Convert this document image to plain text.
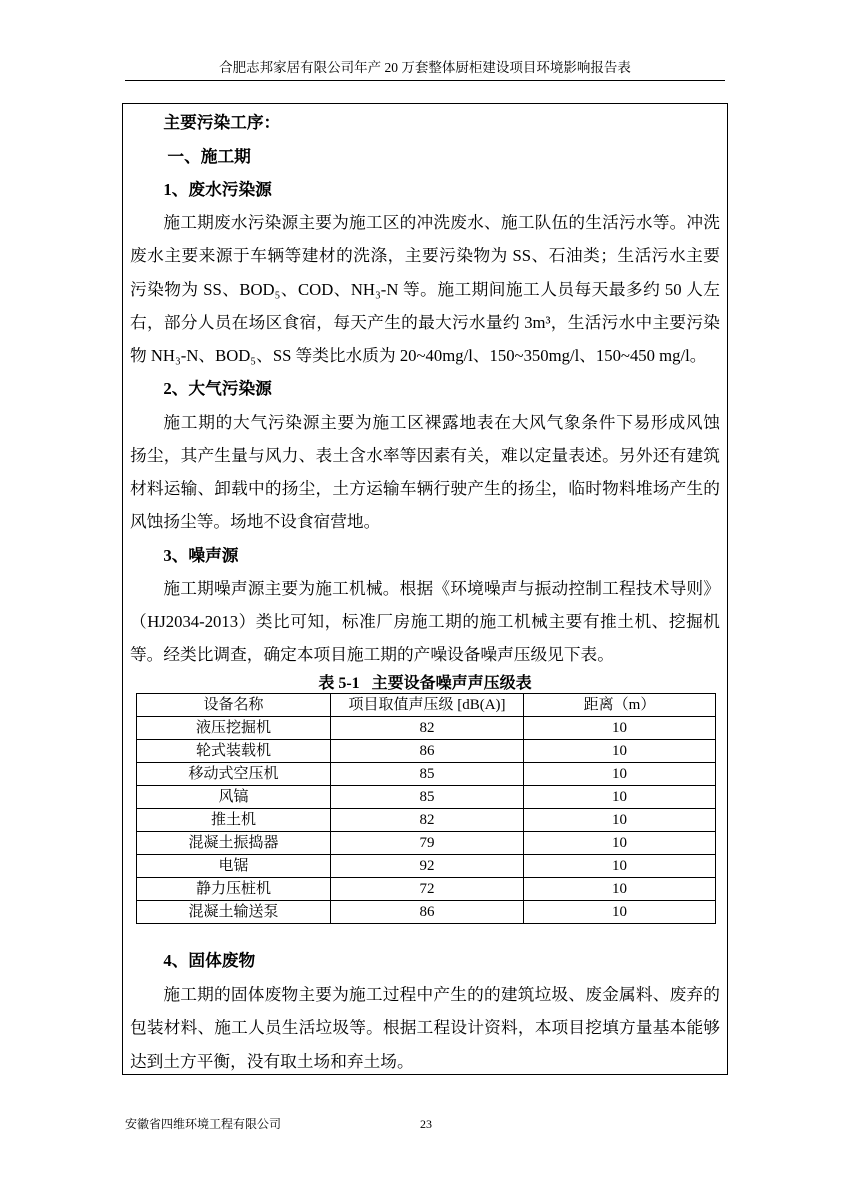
合肥志邦家居有限公司年产 20 万套整体厨柜建设项目环境影响报告表
主要污染工序：
一、施工期
1、废水污染源
施工期废水污染源主要为施工区的冲洗废水、施工队伍的生活污水等。冲洗
废水主要来源于车辆等建材的洗涤，主要污染物为 SS、石油类；生活污水主要
污染物为 SS、BOD₅、COD、NH₃-N 等。施工期间施工人员每天最多约 50 人左
右，部分人员在场区食宿，每天产生的最大污水量约 3m³，生活污水中主要污染
物 NH₃-N、BOD₅、SS 等类比水质为 20~40mg/l、150~350mg/l、150~450 mg/l。
2、大气污染源
施工期的大气污染源主要为施工区裸露地表在大风气象条件下易形成风蚀
扬尘，其产生量与风力、表土含水率等因素有关，难以定量表述。另外还有建筑
材料运输、卸载中的扬尘，土方运输车辆行驶产生的扬尘，临时物料堆场产生的
风蚀扬尘等。场地不设食宿营地。
3、噪声源
施工期噪声源主要为施工机械。根据《环境噪声与振动控制工程技术导则》
（HJ2034-2013）类比可知，标准厂房施工期的施工机械主要有推土机、挖掘机
等。经类比调查，确定本项目施工期的产噪设备噪声压级见下表。
表 5-1   主要设备噪声声压级表
设备名称	项目取值声压级 [dB(A)]	距离（m）
液压挖掘机	82	10
轮式装载机	86	10
移动式空压机	85	10
风镐	85	10
推土机	82	10
混凝土振捣器	79	10
电锯	92	10
静力压桩机	72	10
混凝土输送泵	86	10
4、固体废物
施工期的固体废物主要为施工过程中产生的的建筑垃圾、废金属料、废弃的
包装材料、施工人员生活垃圾等。根据工程设计资料，本项目挖填方量基本能够
达到土方平衡，没有取土场和弃土场。
安徽省四维环境工程有限公司	23
